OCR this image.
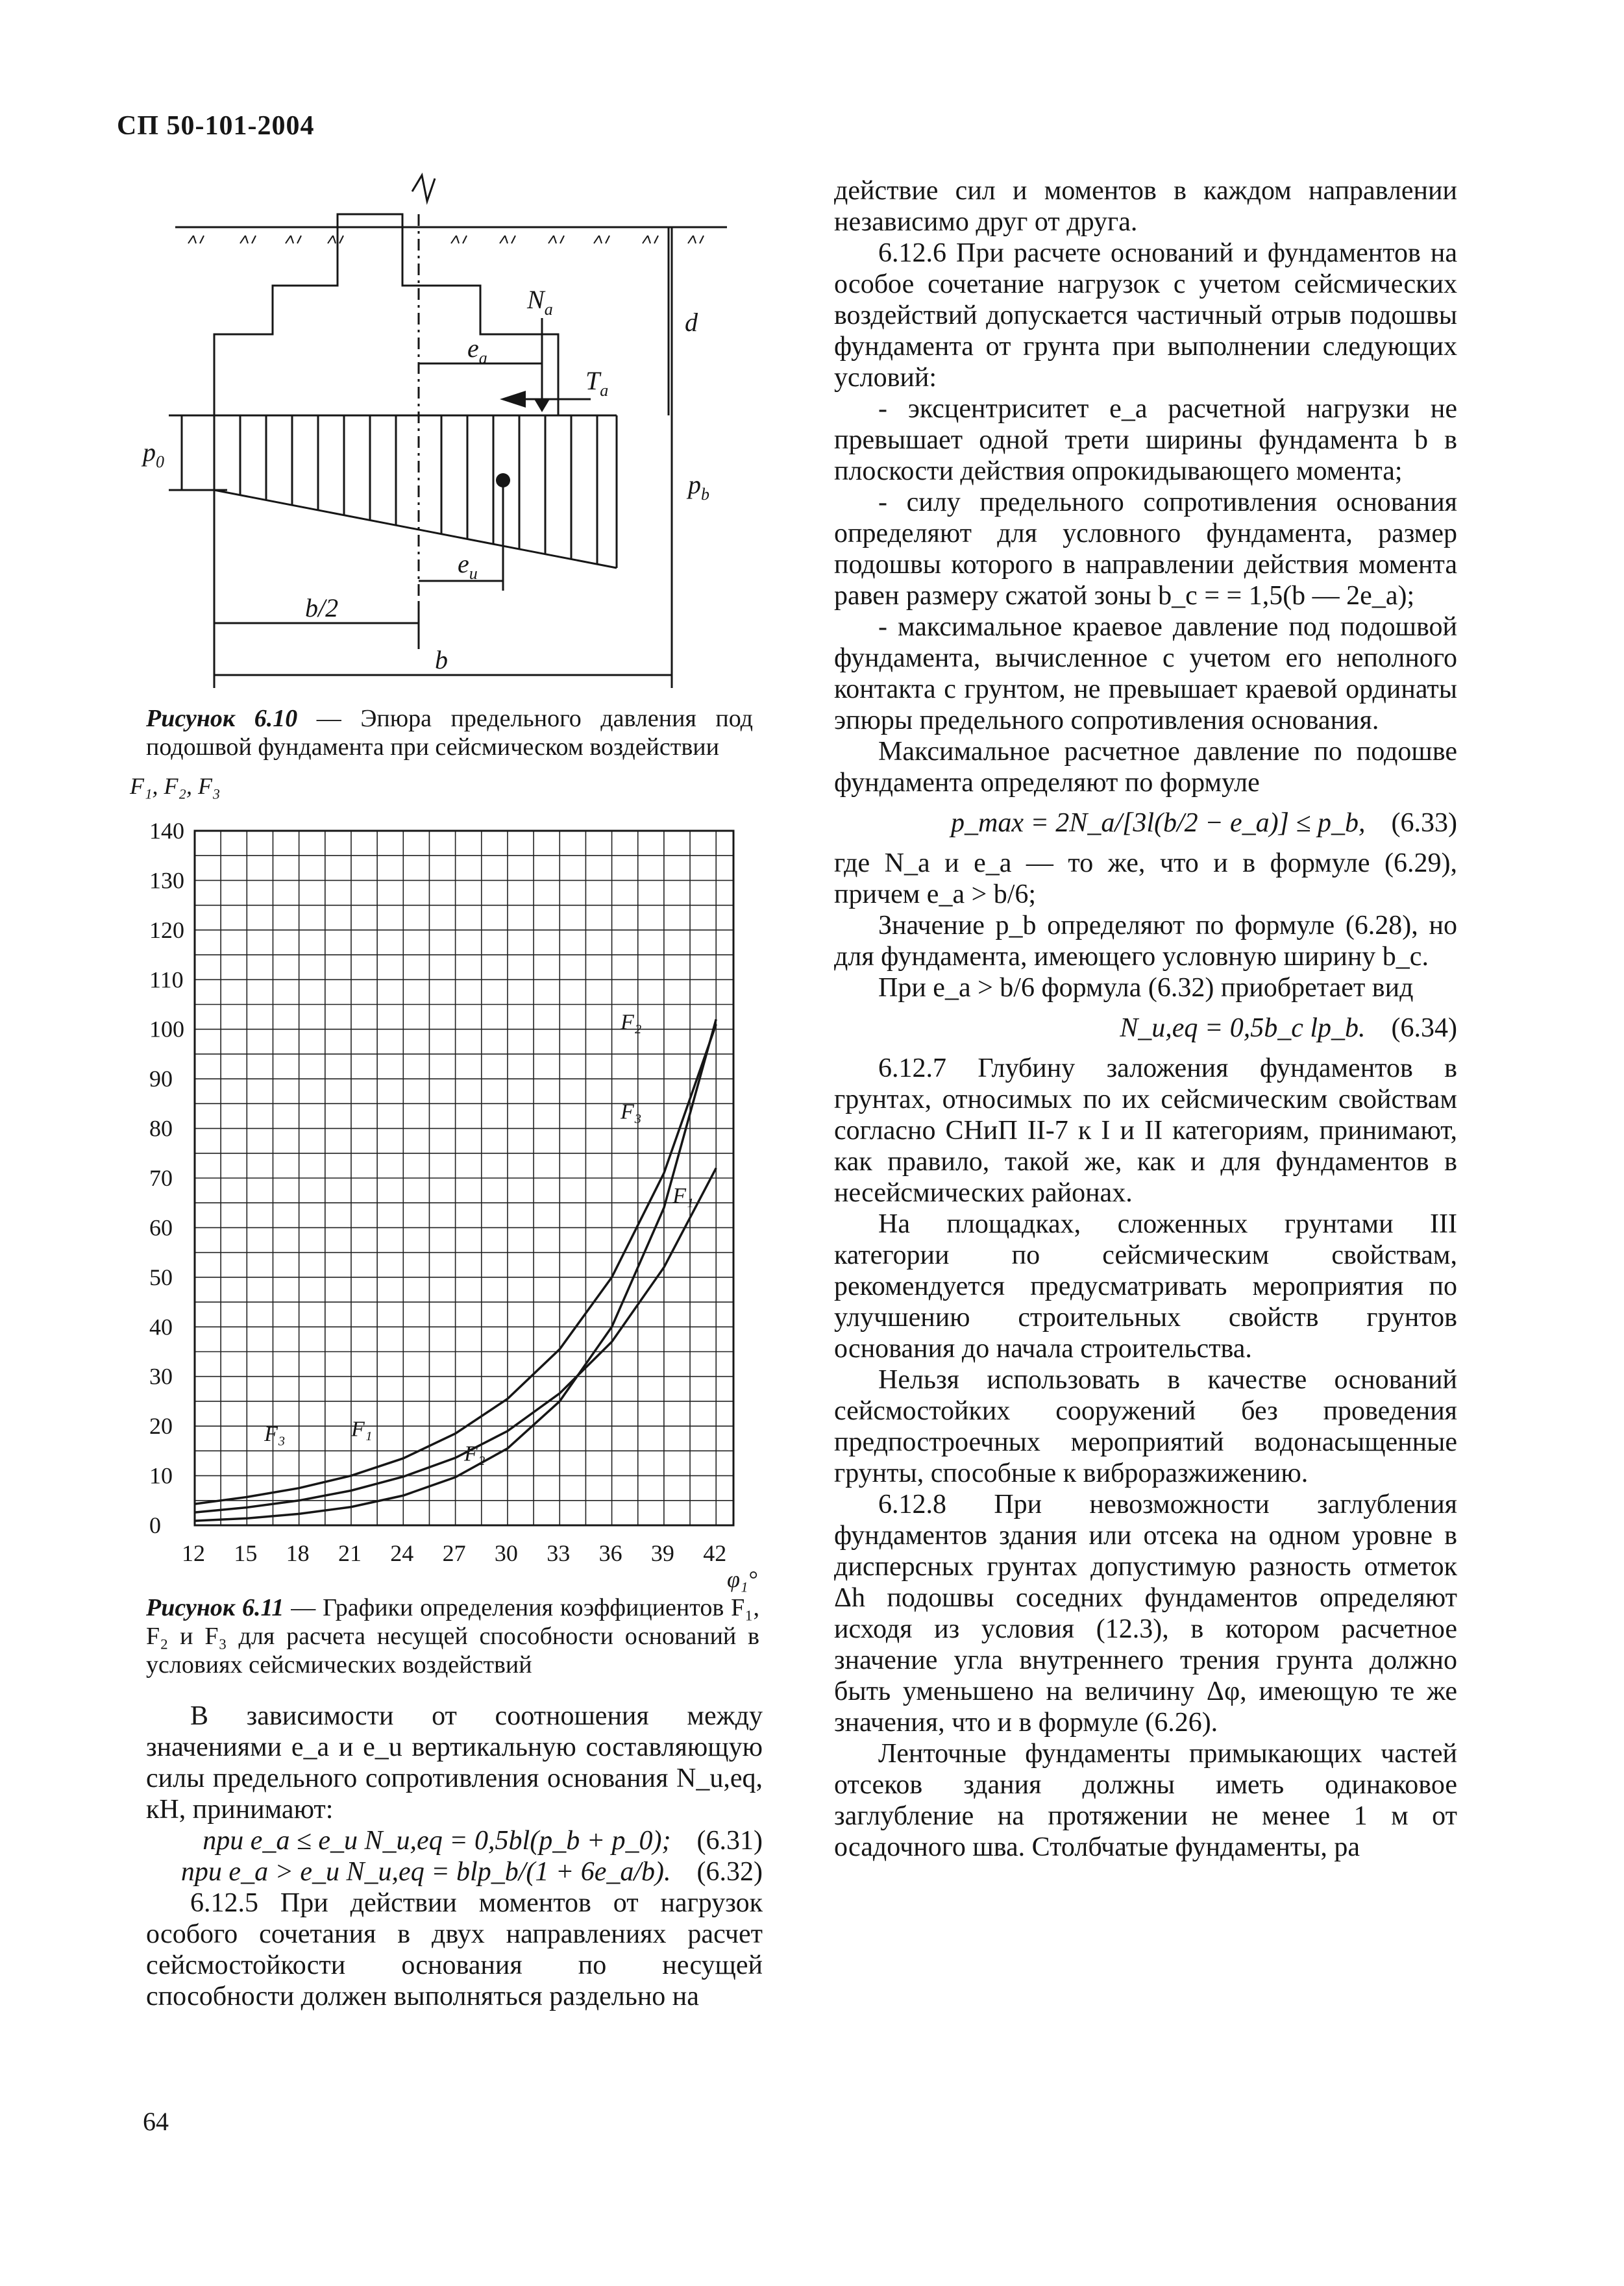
СП 50-101-2004
$N_a$
$e_a$
$T_a$
d
$p_0$
$p_b$
$e_u$
b/2
b
Рисунок 6.10 — Эпюра предельного давления под подошвой фундамента при сейсмическом воздействии
F₁, F₂, F₃
0
10
20
30
40
50
60
70
80
90
100
110
120
130
140
12 15 18 21 24 27 30 33 36 39 42
φ₁°
F₁
F₂
F₃
F₃	F₁
F₂
Рисунок 6.11 — Графики определения коэффициентов F₁, F₂ и F₃ для расчета несущей способности оснований в условиях сейсмических воздействий

В зависимости от соотношения между значениями e_a и e_u вертикальную составляющую силы предельного сопротивления основания N_u,eq, кН, принимают:

при e_a ≤ e_u N_u,eq = 0,5bl(p_b + p_0); (6.31)

при e_a > e_u N_u,eq = blp_b/(1 + 6e_a/b). (6.32)

6.12.5 При действии моментов от нагрузок особого сочетания в двух направлениях расчет сейсмостойкости основания по несущей способности должен выполняться раздельно на

64

действие сил и моментов в каждом направлении независимо друг от друга.

6.12.6 При расчете оснований и фундаментов на особое сочетание нагрузок с учетом сейсмических воздействий допускается частичный отрыв подошвы фундамента от грунта при выполнении следующих условий:

- эксцентриситет e_a расчетной нагрузки не превышает одной трети ширины фундамента b в плоскости действия опрокидывающего момента;

- силу предельного сопротивления основания определяют для условного фундамента, размер подошвы которого в направлении действия момента равен размеру сжатой зоны b_c = = 1,5(b — 2e_a);

- максимальное краевое давление под подошвой фундамента, вычисленное с учетом его неполного контакта с грунтом, не превышает краевой ординаты эпюры предельного сопротивления основания.

Максимальное расчетное давление по подошве фундамента определяют по формуле

p_max = 2N_a/[3l(b/2 − e_a)] ≤ p_b, (6.33)

где N_a и e_a — то же, что и в формуле (6.29), причем e_a > b/6;

Значение p_b определяют по формуле (6.28), но для фундамента, имеющего условную ширину b_c.

При e_a > b/6 формула (6.32) приобретает вид

N_u,eq = 0,5b_c lp_b. (6.34)

6.12.7 Глубину заложения фундаментов в грунтах, относимых по их сейсмическим свойствам согласно СНиП II-7 к I и II категориям, принимают, как правило, такой же, как и для фундаментов в несейсмических районах.

На площадках, сложенных грунтами III категории по сейсмическим свойствам, рекомендуется предусматривать мероприятия по улучшению строительных свойств грунтов основания до начала строительства.

Нельзя использовать в качестве оснований сейсмостойких сооружений без проведения предпостроечных мероприятий водонасыщенные грунты, способные к виброразжижению.

6.12.8 При невозможности заглубления фундаментов здания или отсека на одном уровне в дисперсных грунтах допустимую разность отметок Δh подошвы соседних фундаментов определяют исходя из условия (12.3), в котором расчетное значение угла внутреннего трения грунта должно быть уменьшено на величину Δφ, имеющую те же значения, что и в формуле (6.26).

Ленточные фундаменты примыкающих частей отсеков здания должны иметь одинаковое заглубление на протяжении не менее 1 м от осадочного шва. Столбчатые фундаменты, ра
